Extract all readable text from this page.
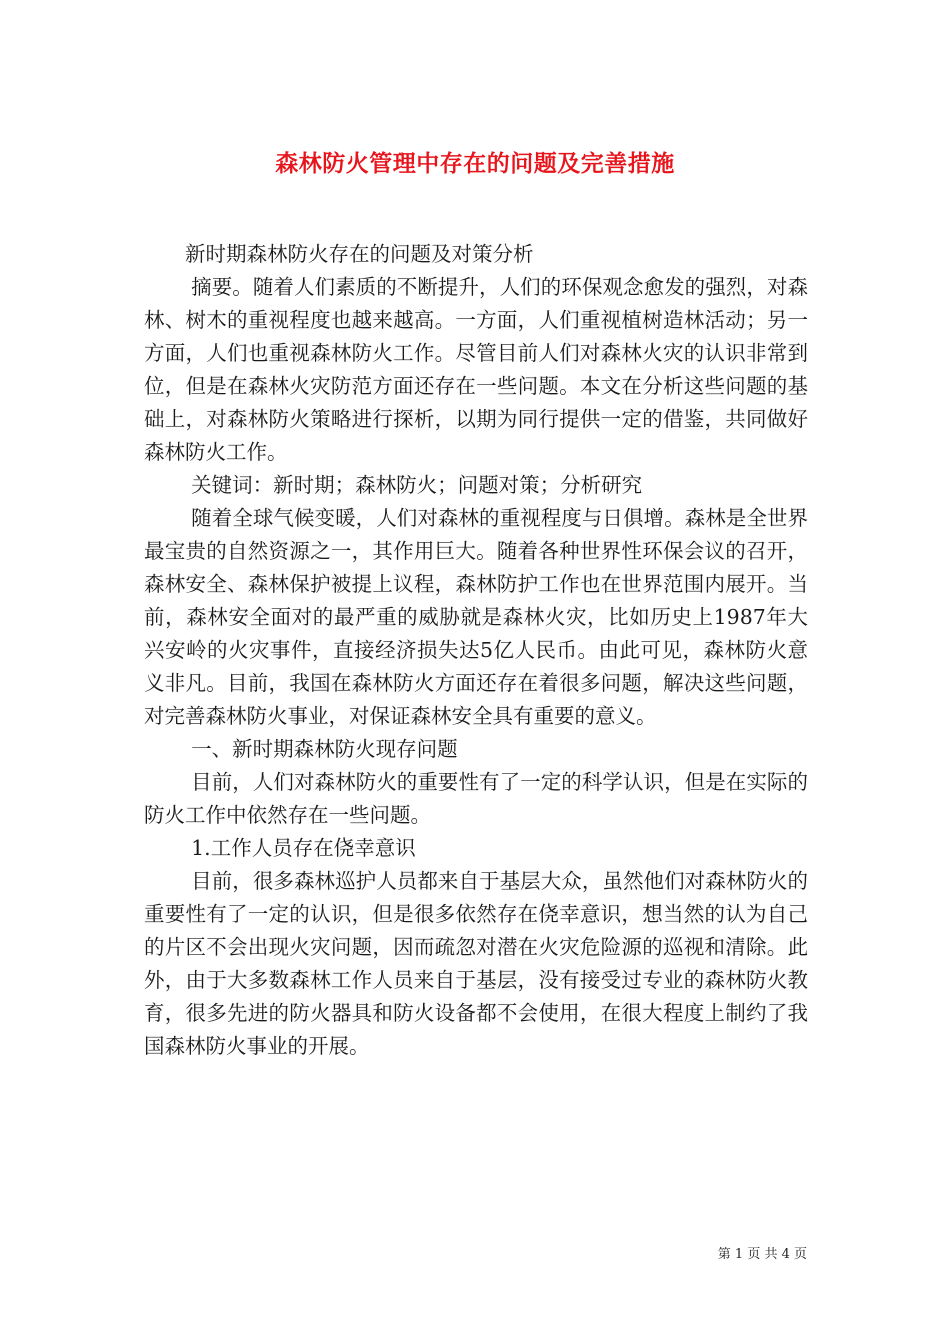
森林防火管理中存在的问题及完善措施

新时期森林防火存在的问题及对策分析

摘要。随着人们素质的不断提升，人们的环保观念愈发的强烈，对森林、树木的重视程度也越来越高。一方面，人们重视植树造林活动；另一方面，人们也重视森林防火工作。尽管目前人们对森林火灾的认识非常到位，但是在森林火灾防范方面还存在一些问题。本文在分析这些问题的基础上，对森林防火策略进行探析，以期为同行提供一定的借鉴，共同做好森林防火工作。

关键词：新时期；森林防火；问题对策；分析研究

随着全球气候变暖，人们对森林的重视程度与日俱增。森林是全世界最宝贵的自然资源之一，其作用巨大。随着各种世界性环保会议的召开，森林安全、森林保护被提上议程，森林防护工作也在世界范围内展开。当前，森林安全面对的最严重的威胁就是森林火灾，比如历史上1987年大兴安岭的火灾事件，直接经济损失达5亿人民币。由此可见，森林防火意义非凡。目前，我国在森林防火方面还存在着很多问题，解决这些问题，对完善森林防火事业，对保证森林安全具有重要的意义。

一、新时期森林防火现存问题

目前，人们对森林防火的重要性有了一定的科学认识，但是在实际的防火工作中依然存在一些问题。

1.工作人员存在侥幸意识

目前，很多森林巡护人员都来自于基层大众，虽然他们对森林防火的重要性有了一定的认识，但是很多依然存在侥幸意识，想当然的认为自己的片区不会出现火灾问题，因而疏忽对潜在火灾危险源的巡视和清除。此外，由于大多数森林工作人员来自于基层，没有接受过专业的森林防火教育，很多先进的防火器具和防火设备都不会使用，在很大程度上制约了我国森林防火事业的开展。

第 1 页 共 4 页
